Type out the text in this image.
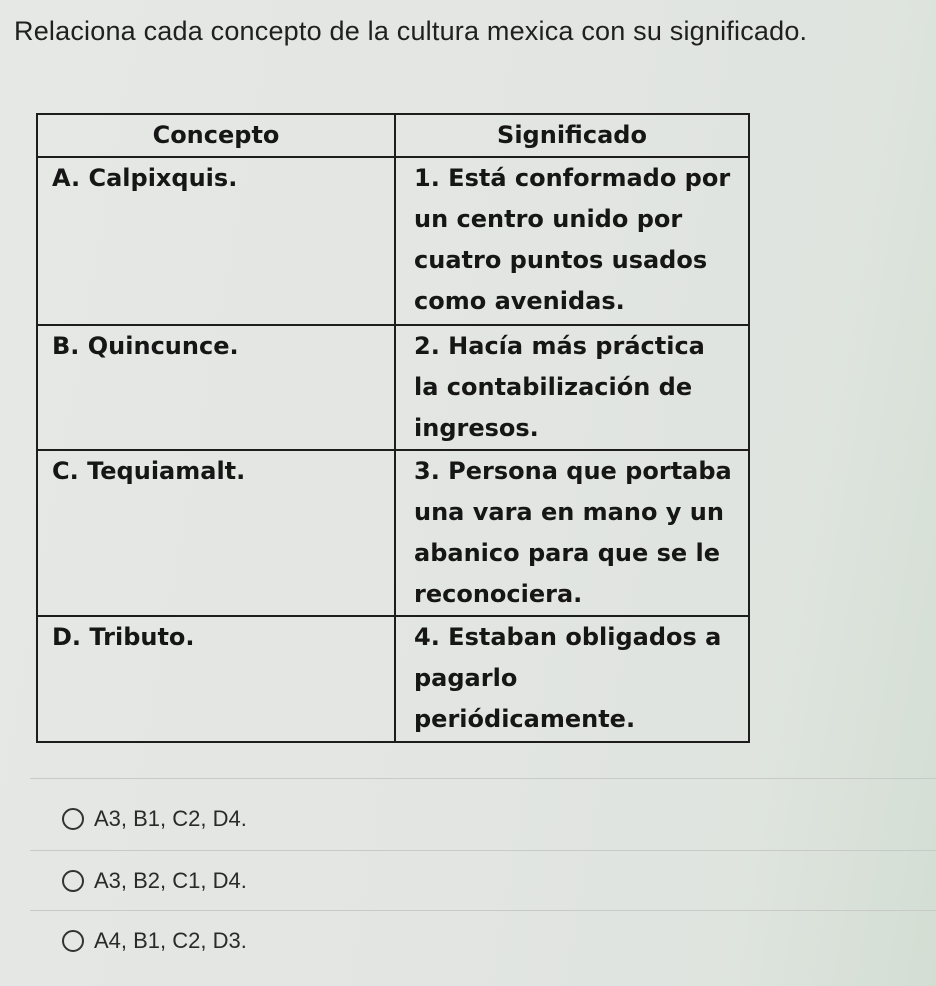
Relaciona cada concepto de la cultura mexica con su significado.
Concepto	Significado
A. Calpixquis.	1. Está conformado por un centro unido por cuatro puntos usados como avenidas.
B. Quincunce.	2. Hacía más práctica la contabilización de ingresos.
C. Tequiamalt.	3. Persona que portaba una vara en mano y un abanico para que se le reconociera.
D. Tributo.	4. Estaban obligados a pagarlo periódicamente.
A3, B1, C2, D4.
A3, B2, C1, D4.
A4, B1, C2, D3.
